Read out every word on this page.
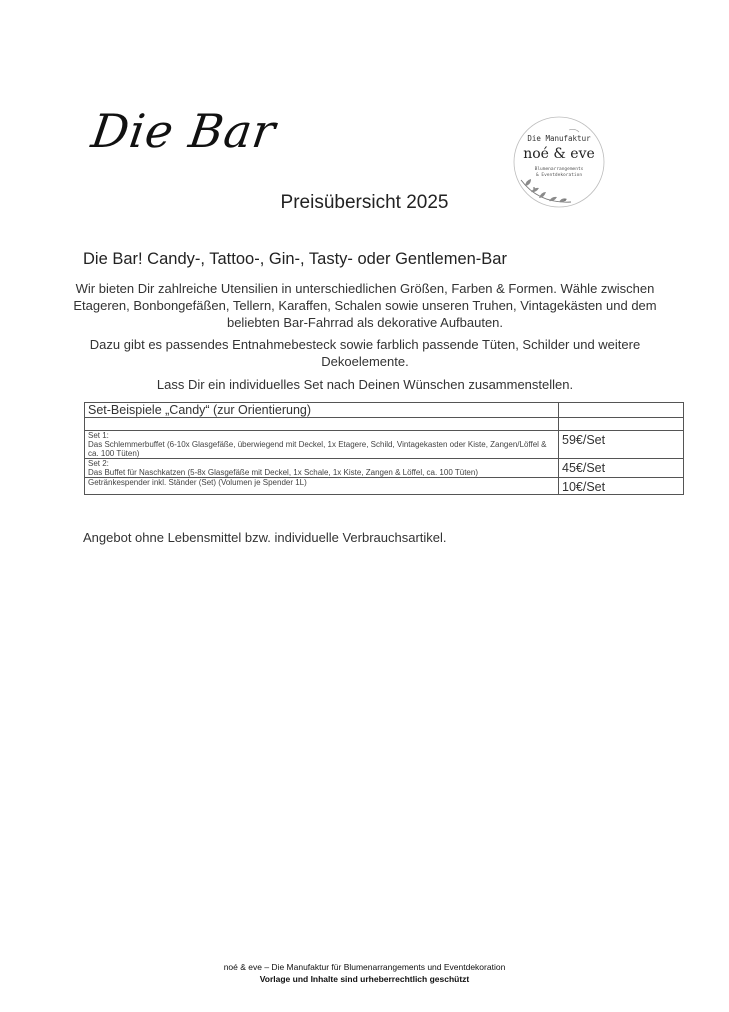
Die Bar	Die Manufaktur
noé & eve
Blumenarrangements
& Eventdekoration
Preisübersicht 2025
Die Bar! Candy-, Tattoo-, Gin-, Tasty- oder Gentlemen-Bar
Wir bieten Dir zahlreiche Utensilien in unterschiedlichen Größen, Farben & Formen. Wähle zwischen Etageren, Bonbongefäßen, Tellern, Karaffen, Schalen sowie unseren Truhen, Vintagekästen und dem beliebten Bar-Fahrrad als dekorative Aufbauten.
Dazu gibt es passendes Entnahmebesteck sowie farblich passende Tüten, Schilder und weitere Dekoelemente.
Lass Dir ein individuelles Set nach Deinen Wünschen zusammenstellen.
Set-Beispiele „Candy“ (zur Orientierung)	

Set 1:
Das Schlemmerbuffet (6-10x Glasgefäße, überwiegend mit Deckel, 1x Etagere, Schild, Vintagekasten oder Kiste, Zangen/Löffel & ca. 100 Tüten)	59€/Set

Set 2:
Das Buffet für Naschkatzen (5-8x Glasgefäße mit Deckel, 1x Schale, 1x Kiste, Zangen & Löffel, ca. 100 Tüten)	45€/Set

Getränkespender inkl. Ständer (Set) (Volumen je Spender 1L)	10€/Set
Angebot ohne Lebensmittel bzw. individuelle Verbrauchsartikel.
noé & eve – Die Manufaktur für Blumenarrangements und Eventdekoration
Vorlage und Inhalte sind urheberrechtlich geschützt
